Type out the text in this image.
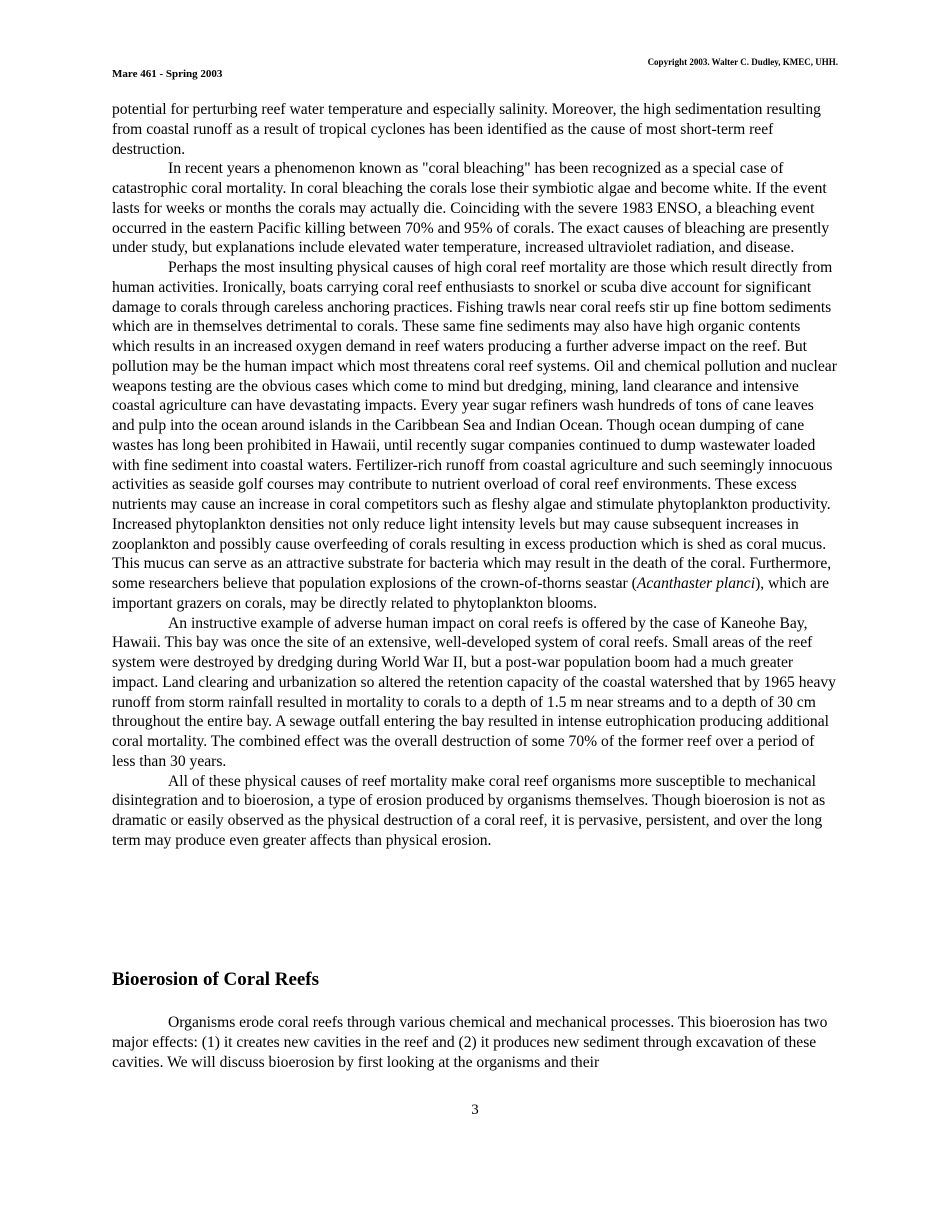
Copyright 2003. Walter C. Dudley, KMEC, UHH.
Mare 461 - Spring 2003

potential for perturbing reef water temperature and especially salinity. Moreover, the high sedimentation resulting from coastal runoff as a result of tropical cyclones has been identified as the cause of most short-term reef destruction.

In recent years a phenomenon known as "coral bleaching" has been recognized as a special case of catastrophic coral mortality. In coral bleaching the corals lose their symbiotic algae and become white. If the event lasts for weeks or months the corals may actually die. Coinciding with the severe 1983 ENSO, a bleaching event occurred in the eastern Pacific killing between 70% and 95% of corals. The exact causes of bleaching are presently under study, but explanations include elevated water temperature, increased ultraviolet radiation, and disease.

Perhaps the most insulting physical causes of high coral reef mortality are those which result directly from human activities. Ironically, boats carrying coral reef enthusiasts to snorkel or scuba dive account for significant damage to corals through careless anchoring practices. Fishing trawls near coral reefs stir up fine bottom sediments which are in themselves detrimental to corals. These same fine sediments may also have high organic contents which results in an increased oxygen demand in reef waters producing a further adverse impact on the reef. But pollution may be the human impact which most threatens coral reef systems. Oil and chemical pollution and nuclear weapons testing are the obvious cases which come to mind but dredging, mining, land clearance and intensive coastal agriculture can have devastating impacts. Every year sugar refiners wash hundreds of tons of cane leaves and pulp into the ocean around islands in the Caribbean Sea and Indian Ocean. Though ocean dumping of cane wastes has long been prohibited in Hawaii, until recently sugar companies continued to dump wastewater loaded with fine sediment into coastal waters. Fertilizer-rich runoff from coastal agriculture and such seemingly innocuous activities as seaside golf courses may contribute to nutrient overload of coral reef environments. These excess nutrients may cause an increase in coral competitors such as fleshy algae and stimulate phytoplankton productivity. Increased phytoplankton densities not only reduce light intensity levels but may cause subsequent increases in zooplankton and possibly cause overfeeding of corals resulting in excess production which is shed as coral mucus. This mucus can serve as an attractive substrate for bacteria which may result in the death of the coral. Furthermore, some researchers believe that population explosions of the crown-of-thorns seastar (Acanthaster planci), which are important grazers on corals, may be directly related to phytoplankton blooms.

An instructive example of adverse human impact on coral reefs is offered by the case of Kaneohe Bay, Hawaii. This bay was once the site of an extensive, well-developed system of coral reefs. Small areas of the reef system were destroyed by dredging during World War II, but a post-war population boom had a much greater impact. Land clearing and urbanization so altered the retention capacity of the coastal watershed that by 1965 heavy runoff from storm rainfall resulted in mortality to corals to a depth of 1.5 m near streams and to a depth of 30 cm throughout the entire bay. A sewage outfall entering the bay resulted in intense eutrophication producing additional coral mortality. The combined effect was the overall destruction of some 70% of the former reef over a period of less than 30 years.

All of these physical causes of reef mortality make coral reef organisms more susceptible to mechanical disintegration and to bioerosion, a type of erosion produced by organisms themselves. Though bioerosion is not as dramatic or easily observed as the physical destruction of a coral reef, it is pervasive, persistent, and over the long term may produce even greater affects than physical erosion.

Bioerosion of Coral Reefs

Organisms erode coral reefs through various chemical and mechanical processes. This bioerosion has two major effects: (1) it creates new cavities in the reef and (2) it produces new sediment through excavation of these cavities. We will discuss bioerosion by first looking at the organisms and their

3
